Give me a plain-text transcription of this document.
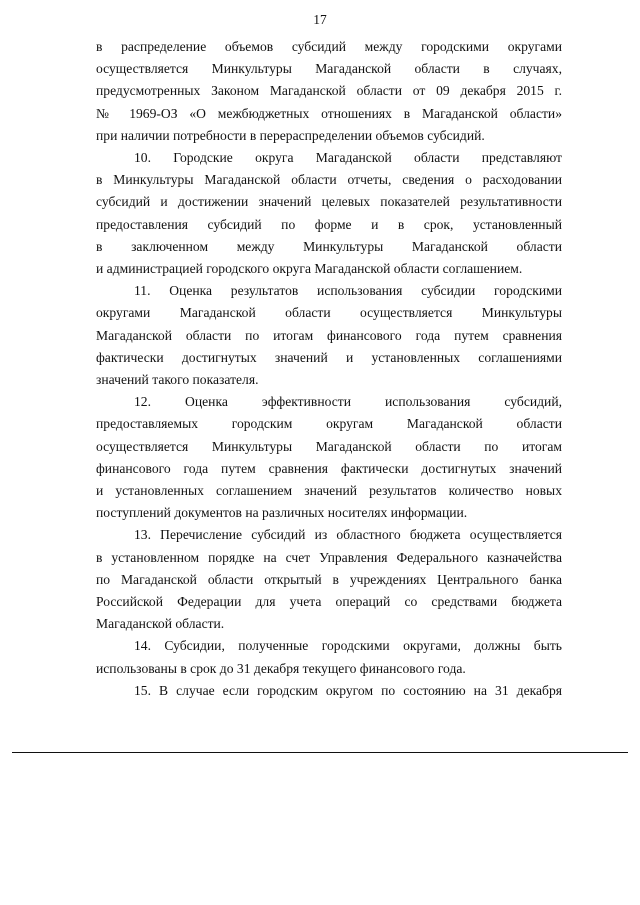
17

в распределение объемов субсидий между городскими округами
осуществляется Минкультуры Магаданской области в случаях,
предусмотренных Законом Магаданской области от 09 декабря 2015 г.
№ 1969-ОЗ «О межбюджетных отношениях в Магаданской области»
при наличии потребности в перераспределении объемов субсидий.

10. Городские округа Магаданской области представляют
в Минкультуры Магаданской области отчеты, сведения о расходовании
субсидий и достижении значений целевых показателей результативности
предоставления субсидий по форме и в срок, установленный
в заключенном между Минкультуры Магаданской области
и администрацией городского округа Магаданской области соглашением.

11. Оценка результатов использования субсидии городскими
округами Магаданской области осуществляется Минкультуры
Магаданской области по итогам финансового года путем сравнения
фактически достигнутых значений и установленных соглашениями
значений такого показателя.

12. Оценка эффективности использования субсидий,
предоставляемых городским округам Магаданской области
осуществляется Минкультуры Магаданской области по итогам
финансового года путем сравнения фактически достигнутых значений
и установленных соглашением значений результатов количество новых
поступлений документов на различных носителях информации.

13. Перечисление субсидий из областного бюджета осуществляется
в установленном порядке на счет Управления Федерального казначейства
по Магаданской области открытый в учреждениях Центрального банка
Российской Федерации для учета операций со средствами бюджета
Магаданской области.

14. Субсидии, полученные городскими округами, должны быть
использованы в срок до 31 декабря текущего финансового года.

15. В случае если городским округом по состоянию на 31 декабря
